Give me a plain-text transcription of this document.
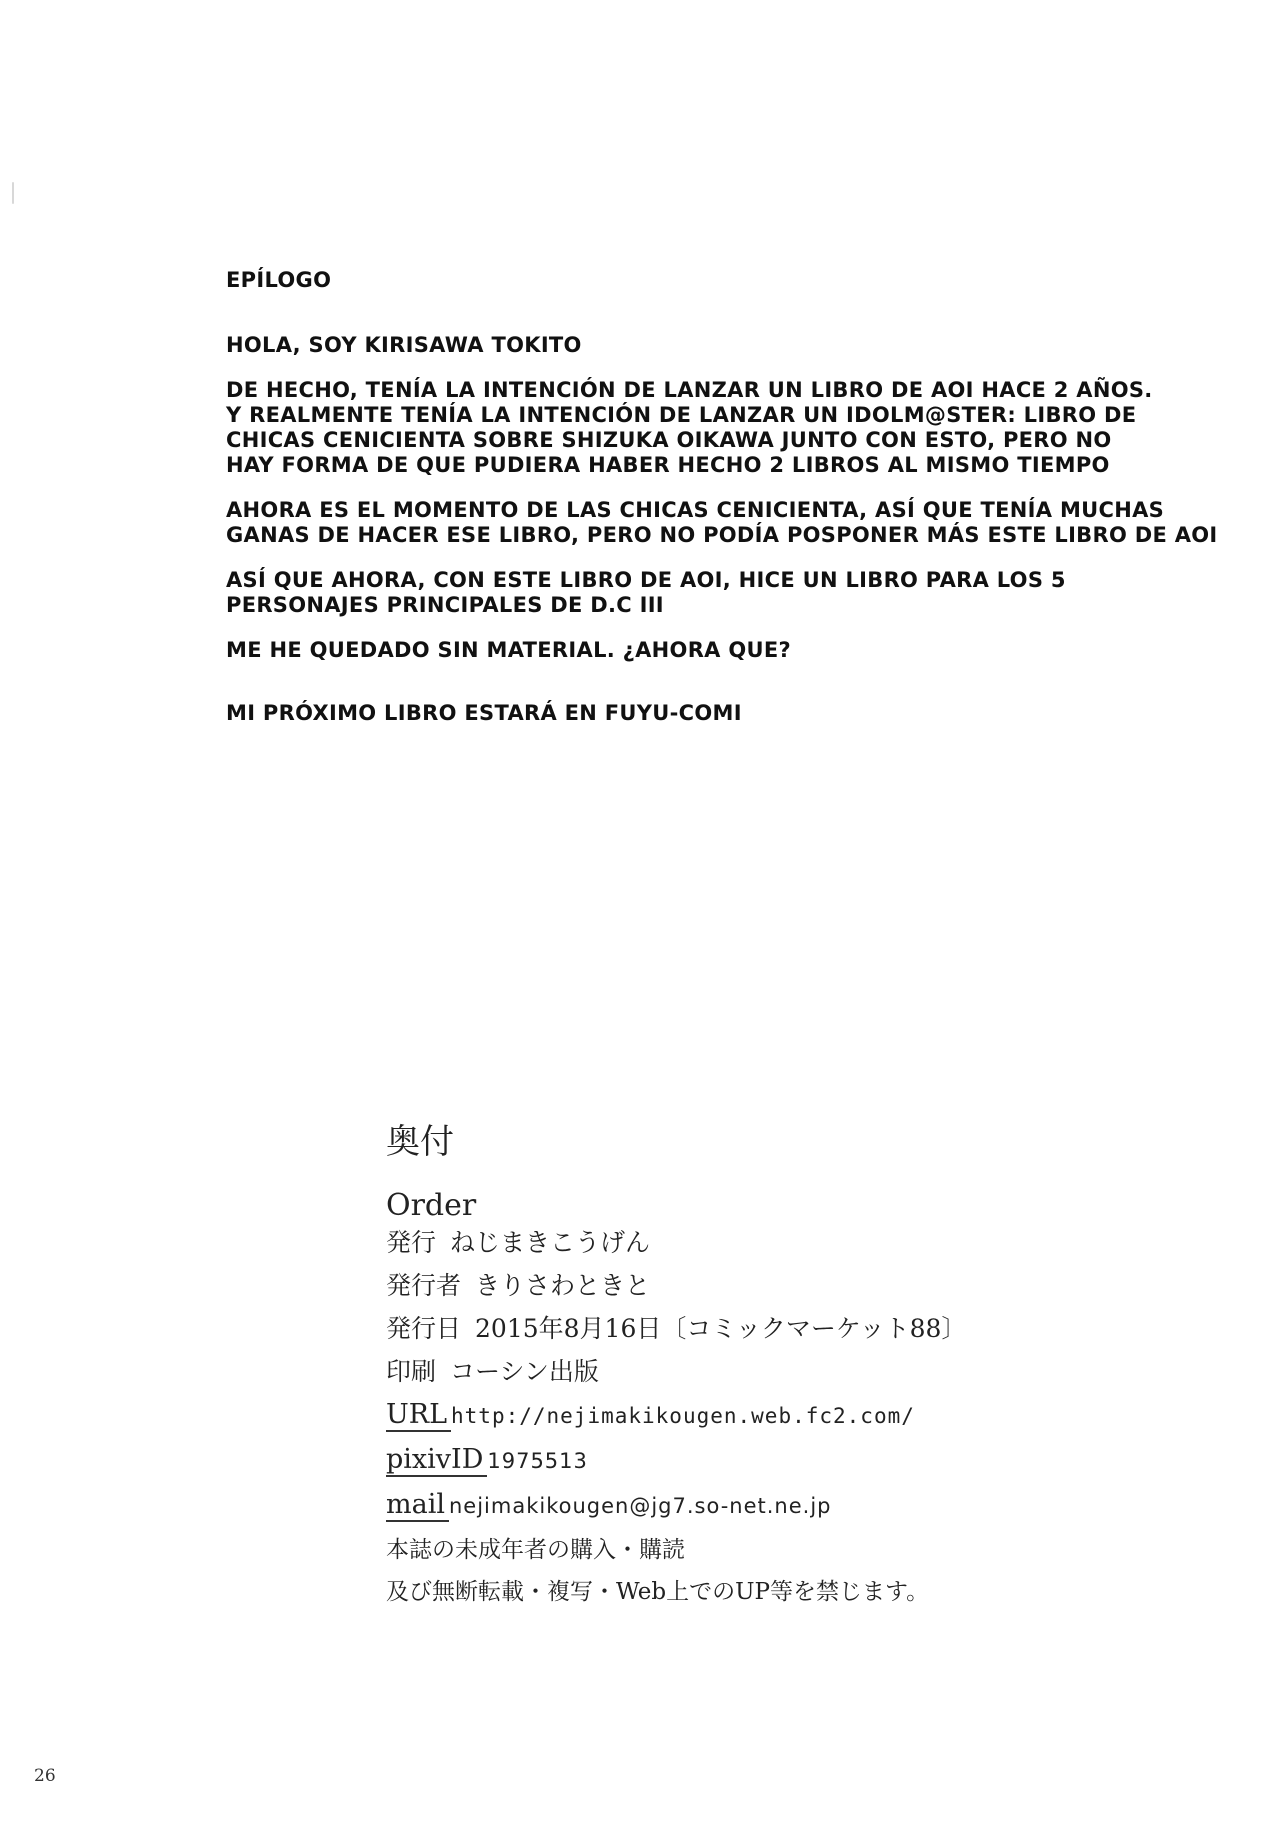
EPÍLOGO
HOLA, SOY KIRISAWA TOKITO
DE HECHO, TENÍA LA INTENCIÓN DE LANZAR UN LIBRO DE AOI HACE 2 AÑOS.
Y REALMENTE TENÍA LA INTENCIÓN DE LANZAR UN IDOLM@STER: LIBRO DE
CHICAS CENICIENTA SOBRE SHIZUKA OIKAWA JUNTO CON ESTO, PERO NO
HAY FORMA DE QUE PUDIERA HABER HECHO 2 LIBROS AL MISMO TIEMPO
AHORA ES EL MOMENTO DE LAS CHICAS CENICIENTA, ASÍ QUE TENÍA MUCHAS
GANAS DE HACER ESE LIBRO, PERO NO PODÍA POSPONER MÁS ESTE LIBRO DE AOI
ASÍ QUE AHORA, CON ESTE LIBRO DE AOI, HICE UN LIBRO PARA LOS 5
PERSONAJES PRINCIPALES DE D.C III
ME HE QUEDADO SIN MATERIAL. ¿AHORA QUE?
MI PRÓXIMO LIBRO ESTARÁ EN FUYU-COMI
奥付
Order
発行 ねじまきこうげん
発行者 きりさわときと
発行日 2015年8月16日〔コミックマーケット88〕
印刷 コーシン出版
URL http://nejimakikougen.web.fc2.com/
pixivID 1975513
mail nejimakikougen@jg7.so-net.ne.jp
本誌の未成年者の購入・購読
及び無断転載・複写・Web上でのUP等を禁じます。
26
